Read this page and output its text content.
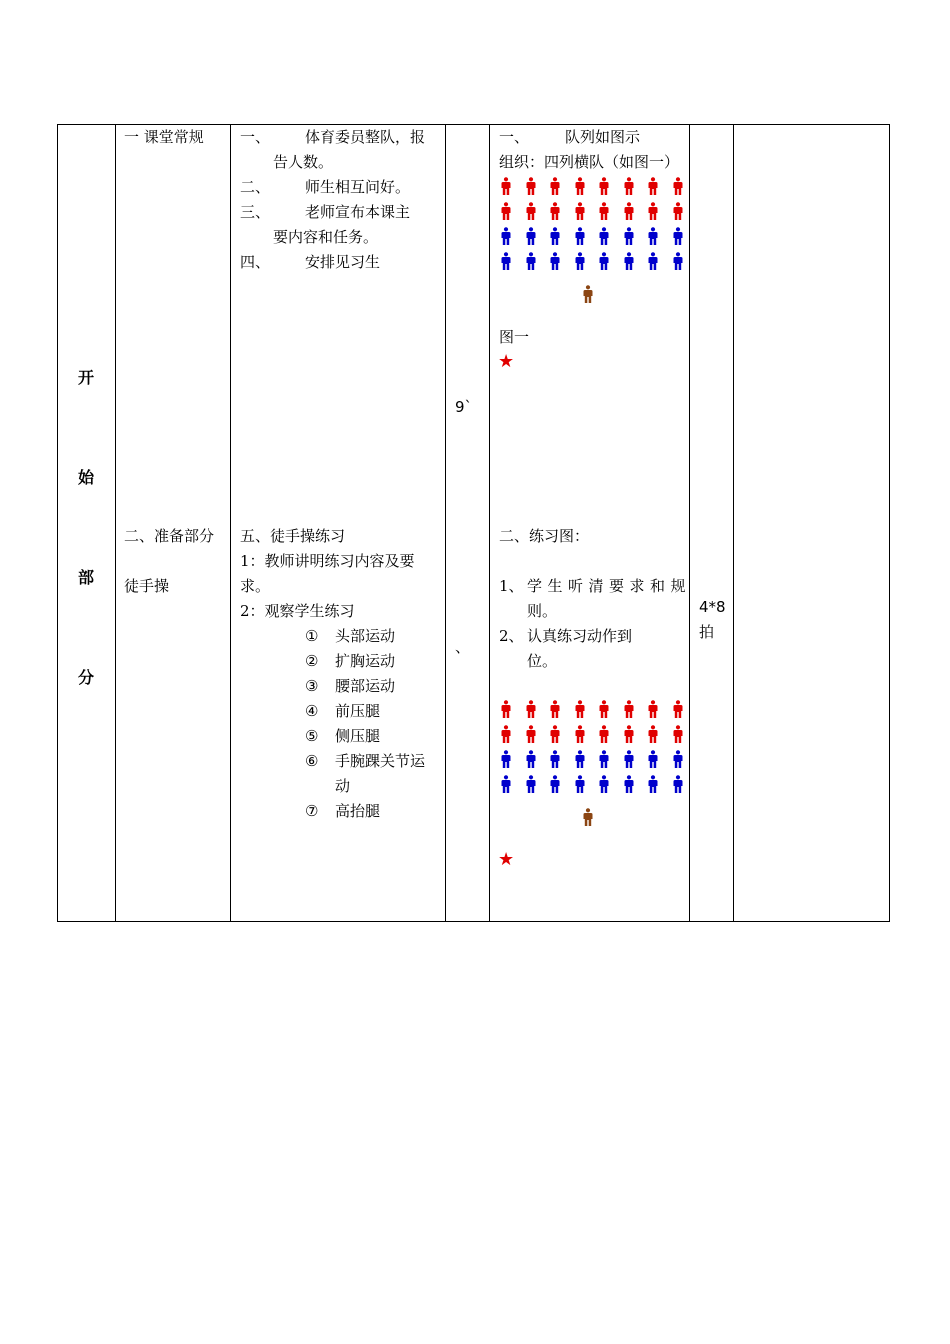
开
始
部
分
一 课堂常规
二、准备部分
徒手操
一、 体育委员整队，报
告人数。
二、 师生相互问好。
三、 老师宣布本课主
要内容和任务。
四、 安排见习生
五、徒手操练习
1：教师讲明练习内容及要
求。
2：观察学生练习
① 头部运动
② 扩胸运动
③ 腰部运动
④ 前压腿
⑤ 侧压腿
⑥ 手腕踝关节运
动
⑦ 高抬腿
9`
、
一、 队列如图示
组织：四列横队（如图一）
图一
★
二、练习图：
1、 学生听清要求和规
则。
2、 认真练习动作到
位。
★
4*8
拍
